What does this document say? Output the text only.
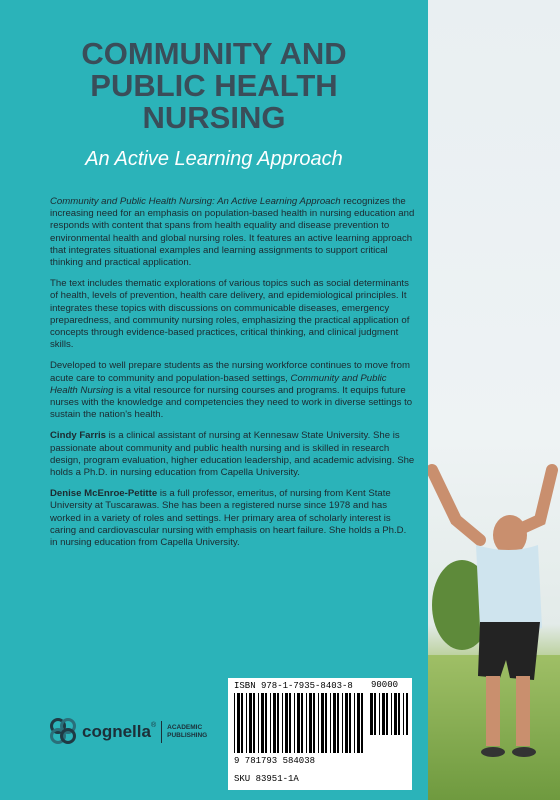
COMMUNITY AND
PUBLIC HEALTH
NURSING

An Active Learning Approach

Community and Public Health Nursing: An Active Learning Approach recognizes the increasing need for an emphasis on population-based health in nursing education and responds with content that spans from health equality and disease prevention to environmental health and global nursing roles. It features an active learning approach that integrates situational examples and learning assignments to support critical thinking and practical application.

The text includes thematic explorations of various topics such as social determinants of health, levels of prevention, health care delivery, and epidemiological principles. It integrates these topics with discussions on communicable diseases, emergency preparedness, and community nursing roles, emphasizing the practical application of concepts through evidence-based practices, critical thinking, and clinical judgment skills.

Developed to well prepare students as the nursing workforce continues to move from acute care to community and population-based settings, Community and Public Health Nursing is a vital resource for nursing courses and programs. It equips future nurses with the knowledge and competencies they need to work in diverse settings to sustain the nation's health.

Cindy Farris is a clinical assistant of nursing at Kennesaw State University. She is passionate about community and public health nursing and is skilled in research design, program evaluation, higher education leadership, and academic advising. She holds a Ph.D. in nursing education from Capella University.

Denise McEnroe-Petitte is a full professor, emeritus, of nursing from Kent State University at Tuscarawas. She has been a registered nurse since 1978 and has worked in a variety of roles and settings. Her primary area of scholarly interest is caring and cardiovascular nursing with emphasis on heart failure. She holds a Ph.D. in nursing education from Capella University.

cognella ® ACADEMIC
PUBLISHING
ISBN 978-1-7935-8403-8 90000
9 781793 584038
SKU 83951-1A
